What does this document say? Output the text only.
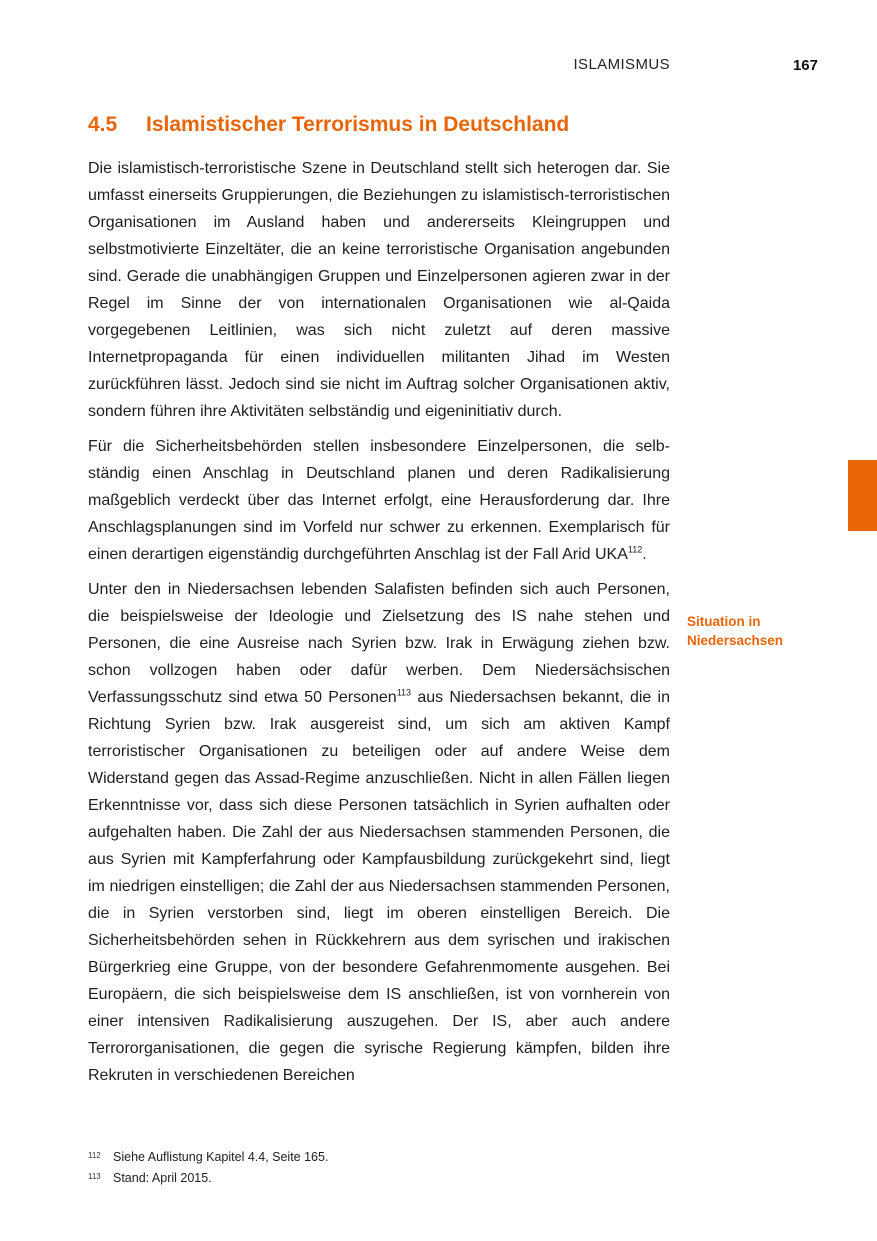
ISLAMISMUS	167
4.5 Islamistischer Terrorismus in Deutschland

Die islamistisch-terroristische Szene in Deutschland stellt sich heterogen dar. Sie umfasst einerseits Gruppierungen, die Beziehungen zu islamistisch-terroristischen Organisationen im Ausland haben und andererseits Kleingruppen und selbstmotivierte Einzeltäter, die an keine terroristische Organisation angebunden sind. Gerade die unabhängigen Gruppen und Einzelpersonen agieren zwar in der Regel im Sinne der von internationalen Organisationen wie al-Qaida vorgegebenen Leitlinien, was sich nicht zuletzt auf deren massive Internetpropaganda für einen individuellen militanten Jihad im Westen zurückführen lässt. Jedoch sind sie nicht im Auftrag solcher Organisationen aktiv, sondern führen ihre Aktivitäten selbständig und eigeninitiativ durch.

Für die Sicherheitsbehörden stellen insbesondere Einzelpersonen, die selbständig einen Anschlag in Deutschland planen und deren Radikalisierung maßgeblich verdeckt über das Internet erfolgt, eine Herausforderung dar. Ihre Anschlagsplanungen sind im Vorfeld nur schwer zu erkennen. Exemplarisch für einen derartigen eigenständig durchgeführten Anschlag ist der Fall Arid UKA$^{112}$.

Unter den in Niedersachsen lebenden Salafisten befinden sich auch Personen, die beispielsweise der Ideologie und Zielsetzung des IS nahe stehen und Personen, die eine Ausreise nach Syrien bzw. Irak in Erwägung ziehen bzw. schon vollzogen haben oder dafür werben. Dem Niedersächsischen Verfassungsschutz sind etwa 50 Personen$^{113}$ aus Niedersachsen bekannt, die in Richtung Syrien bzw. Irak ausgereist sind, um sich am aktiven Kampf terroristischer Organisationen zu beteiligen oder auf andere Weise dem Widerstand gegen das Assad-Regime anzuschließen. Nicht in allen Fällen liegen Erkenntnisse vor, dass sich diese Personen tatsächlich in Syrien aufhalten oder aufgehalten haben. Die Zahl der aus Niedersachsen stammenden Personen, die aus Syrien mit Kampferfahrung oder Kampfausbildung zurückgekehrt sind, liegt im niedrigen einstelligen; die Zahl der aus Niedersachsen stammenden Personen, die in Syrien verstorben sind, liegt im oberen einstelligen Bereich. Die Sicherheitsbehörden sehen in Rückkehrern aus dem syrischen und irakischen Bürgerkrieg eine Gruppe, von der besondere Gefahrenmomente ausgehen. Bei Europäern, die sich beispielsweise dem IS anschließen, ist von vornherein von einer intensiven Radikalisierung auszugehen. Der IS, aber auch andere Terrororganisationen, die gegen die syrische Regierung kämpfen, bilden ihre Rekruten in verschiedenen Bereichen

Situation in
Niedersachsen
112 Siehe Auflistung Kapitel 4.4, Seite 165.
113 Stand: April 2015.
